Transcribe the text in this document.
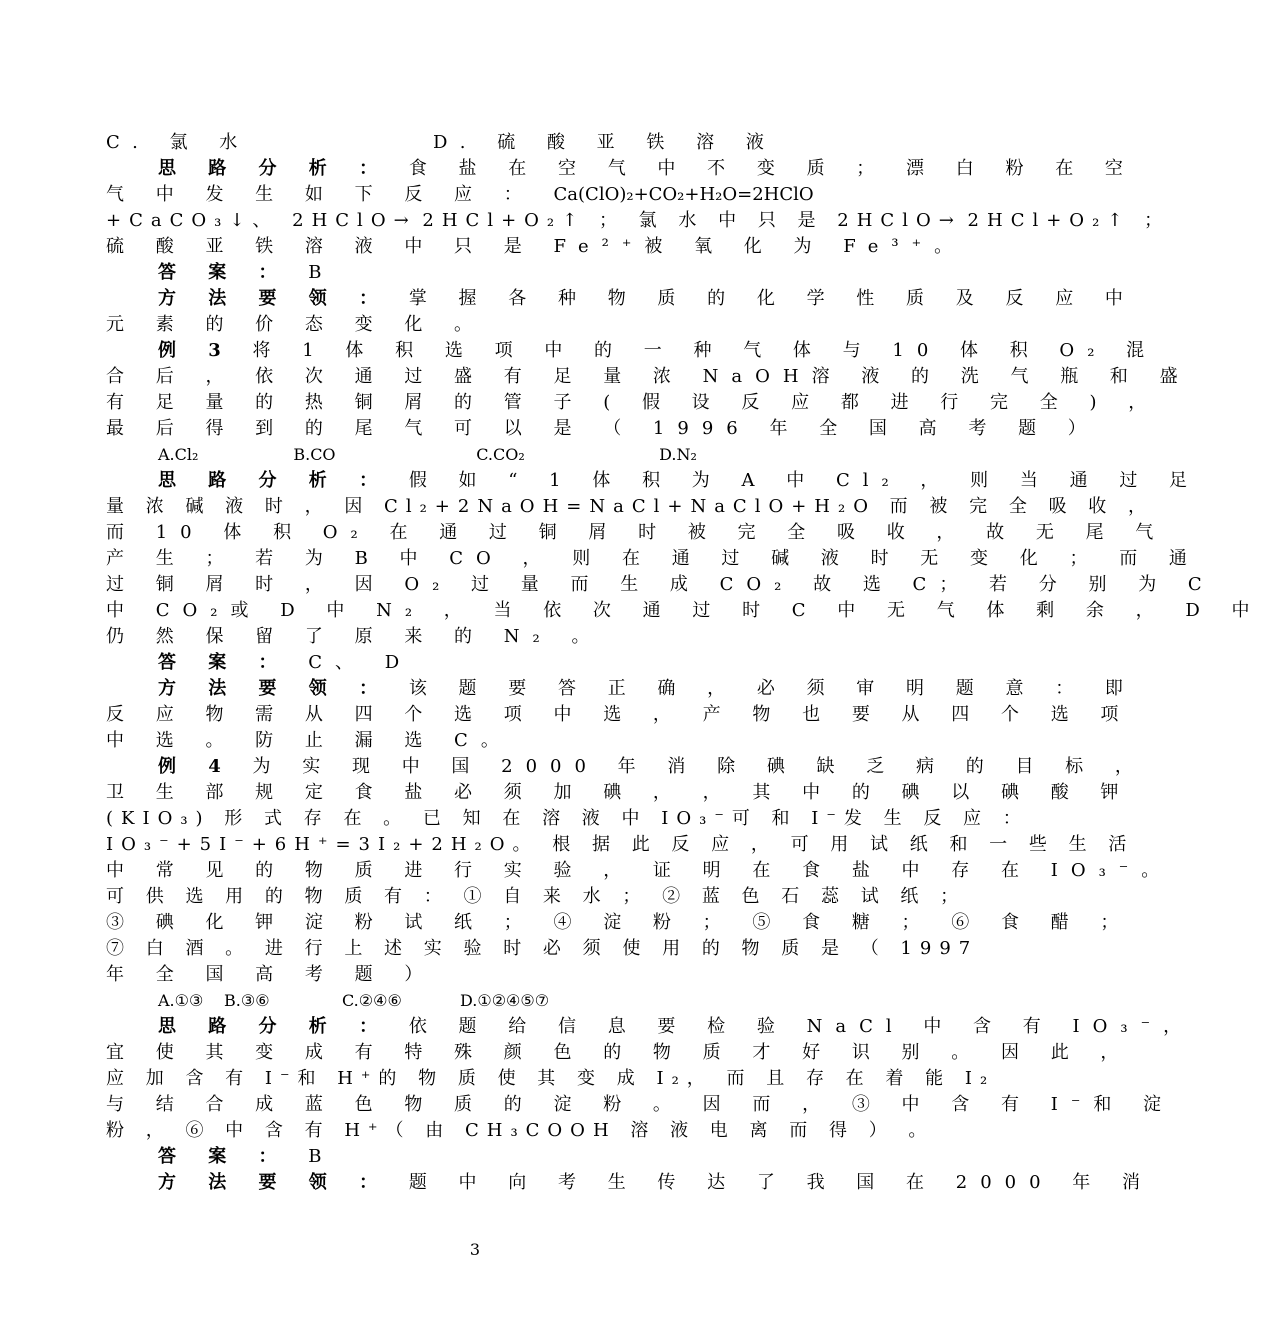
C. 氯 水	D. 硫 酸 亚 铁 溶 液
思 路 分 析 ： 食 盐 在 空 气 中 不 变 质 ； 漂 白 粉 在 空
气 中 发 生 如 下 反 应 ： Ca(ClO)₂+CO₂+H₂O=2HClO
+CaCO₃↓、 2HClO→ 2HCl+O₂↑ ； 氯 水 中 只 是 2HClO→ 2HCl+O₂↑ ；
硫 酸 亚 铁 溶 液 中 只 是 Fe²⁺被 氧 化 为 Fe³⁺。
答 案 ： B
方 法 要 领 ： 掌 握 各 种 物 质 的 化 学 性 质 及 反 应 中
元 素 的 价 态 变 化 。
例 3 将 1 体 积 选 项 中 的 一 种 气 体 与 10 体 积 O₂ 混
合 后 ， 依 次 通 过 盛 有 足 量 浓 NaOH溶 液 的 洗 气 瓶 和 盛
有 足 量 的 热 铜 屑 的 管 子 ( 假 设 反 应 都 进 行 完 全 ) ，
最 后 得 到 的 尾 气 可 以 是 （ 1996 年 全 国 高 考 题 ）
A.Cl₂	B.CO	C.CO₂	D.N₂
思 路 分 析 ： 假 如 “ 1 体 积 为 A 中 Cl₂ ， 则 当 通 过 足
量 浓 碱 液 时 ， 因 Cl₂+2NaOH=NaCl+NaClO+H₂O 而 被 完 全 吸 收 ，
而 10 体 积 O₂ 在 通 过 铜 屑 时 被 完 全 吸 收 ， 故 无 尾 气
产 生 ； 若 为 B 中 CO ， 则 在 通 过 碱 液 时 无 变 化 ； 而 通
过 铜 屑 时 ， 因 O₂ 过 量 而 生 成 CO₂ 故 选 C； 若 分 别 为 C
中 CO₂或 D 中 N₂ ， 当 依 次 通 过 时 C 中 无 气 体 剩 余 ， D 中
仍 然 保 留 了 原 来 的 N₂ 。
答 案 ： C、 D
方 法 要 领 ： 该 题 要 答 正 确 ， 必 须 审 明 题 意 ： 即
反 应 物 需 从 四 个 选 项 中 选 ， 产 物 也 要 从 四 个 选 项
中 选 。 防 止 漏 选 C。
例 4 为 实 现 中 国 2000 年 消 除 碘 缺 乏 病 的 目 标 ，
卫 生 部 规 定 食 盐 必 须 加 碘 ， ， 其 中 的 碘 以 碘 酸 钾
(KIO₃) 形 式 存 在 。 已 知 在 溶 液 中 IO₃⁻可 和 I⁻发 生 反 应 ：
IO₃⁻+5I⁻+6H⁺=3I₂+2H₂O。 根 据 此 反 应 ， 可 用 试 纸 和 一 些 生 活
中 常 见 的 物 质 进 行 实 验 ， 证 明 在 食 盐 中 存 在 IO₃⁻。
可 供 选 用 的 物 质 有 ： ① 自 来 水 ； ② 蓝 色 石 蕊 试 纸 ；
③ 碘 化 钾 淀 粉 试 纸 ； ④ 淀 粉 ； ⑤ 食 糖 ； ⑥ 食 醋 ；
⑦ 白 酒 。 进 行 上 述 实 验 时 必 须 使 用 的 物 质 是 （ 1997
年 全 国 高 考 题 ）
A.①③	B.③⑥	C.②④⑥	D.①②④⑤⑦
思 路 分 析 ： 依 题 给 信 息 要 检 验 NaCl 中 含 有 IO₃⁻，
宜 使 其 变 成 有 特 殊 颜 色 的 物 质 才 好 识 别 。 因 此 ，
应 加 含 有 I⁻和 H⁺的 物 质 使 其 变 成 I₂， 而 且 存 在 着 能 I₂
与 结 合 成 蓝 色 物 质 的 淀 粉 。 因 而 ， ③ 中 含 有 I⁻和 淀
粉 ， ⑥ 中 含 有 H⁺（ 由 CH₃COOH 溶 液 电 离 而 得 ） 。
答 案 ： B
方 法 要 领 ： 题 中 向 考 生 传 达 了 我 国 在 2000 年 消
3
